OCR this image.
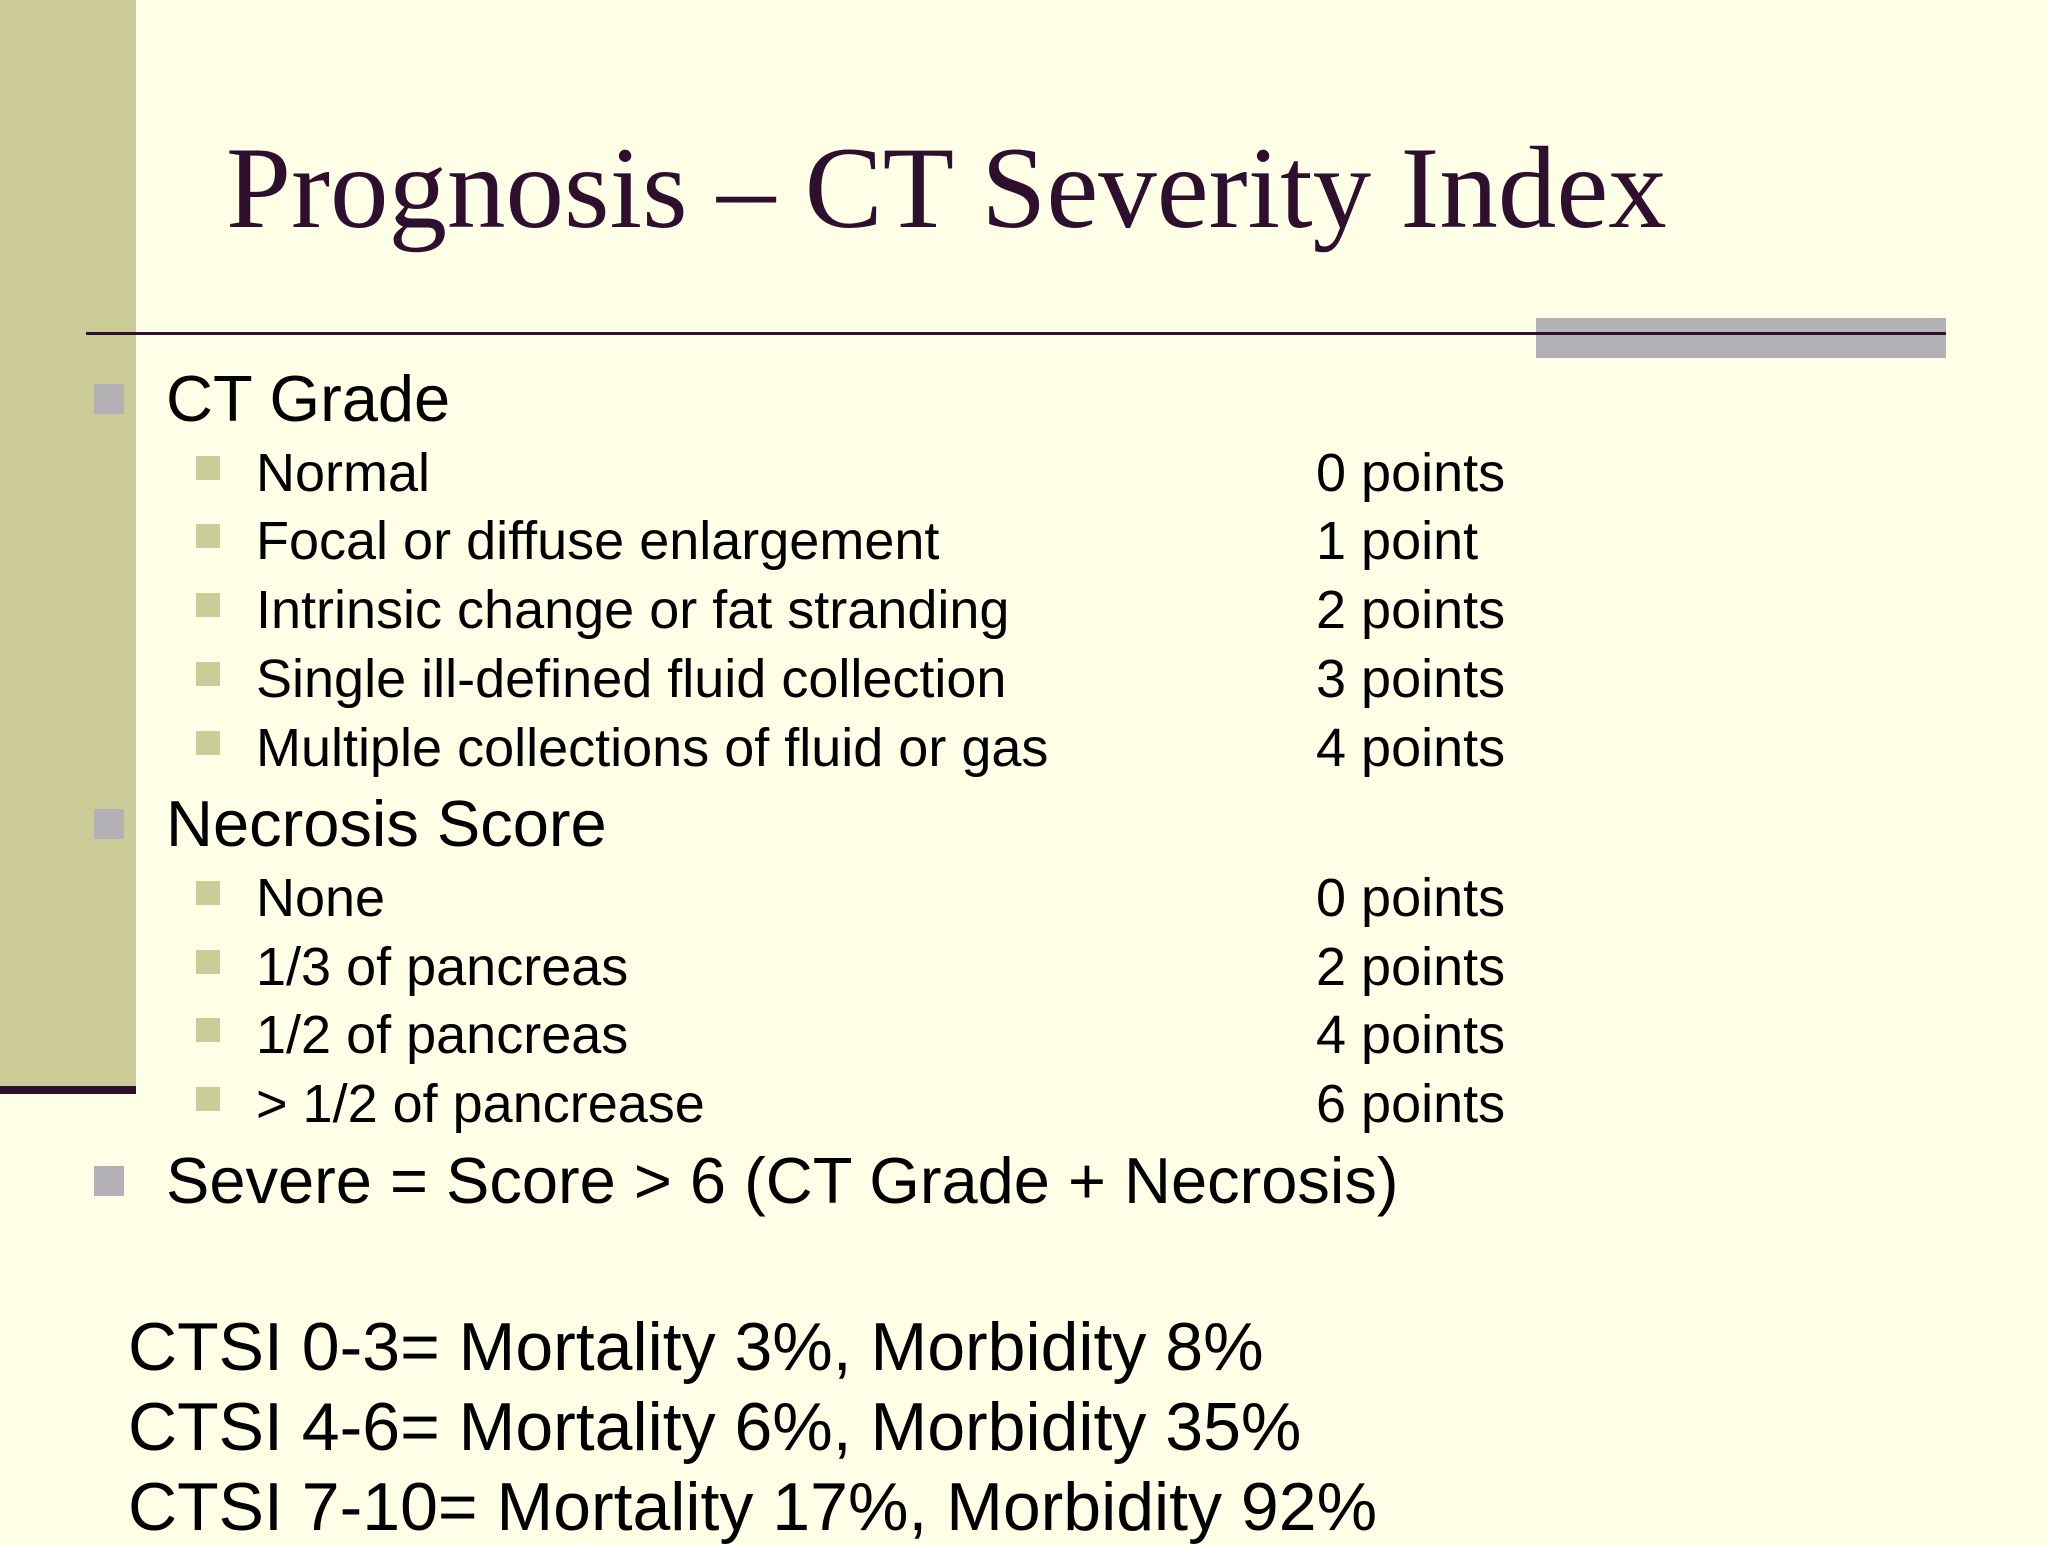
Prognosis – CT Severity Index
CT Grade
Normal	0 points
Focal or diffuse enlargement	1 point
Intrinsic change or fat stranding	2 points
Single ill-defined fluid collection	3 points
Multiple collections of fluid or gas	4 points
Necrosis Score
None	0 points
1/3 of pancreas	2 points
1/2 of pancreas	4 points
> 1/2 of pancrease	6 points
Severe = Score > 6 (CT Grade + Necrosis)
CTSI 0-3= Mortality 3%, Morbidity 8%
CTSI 4-6= Mortality 6%, Morbidity 35%
CTSI 7-10= Mortality 17%, Morbidity 92%
